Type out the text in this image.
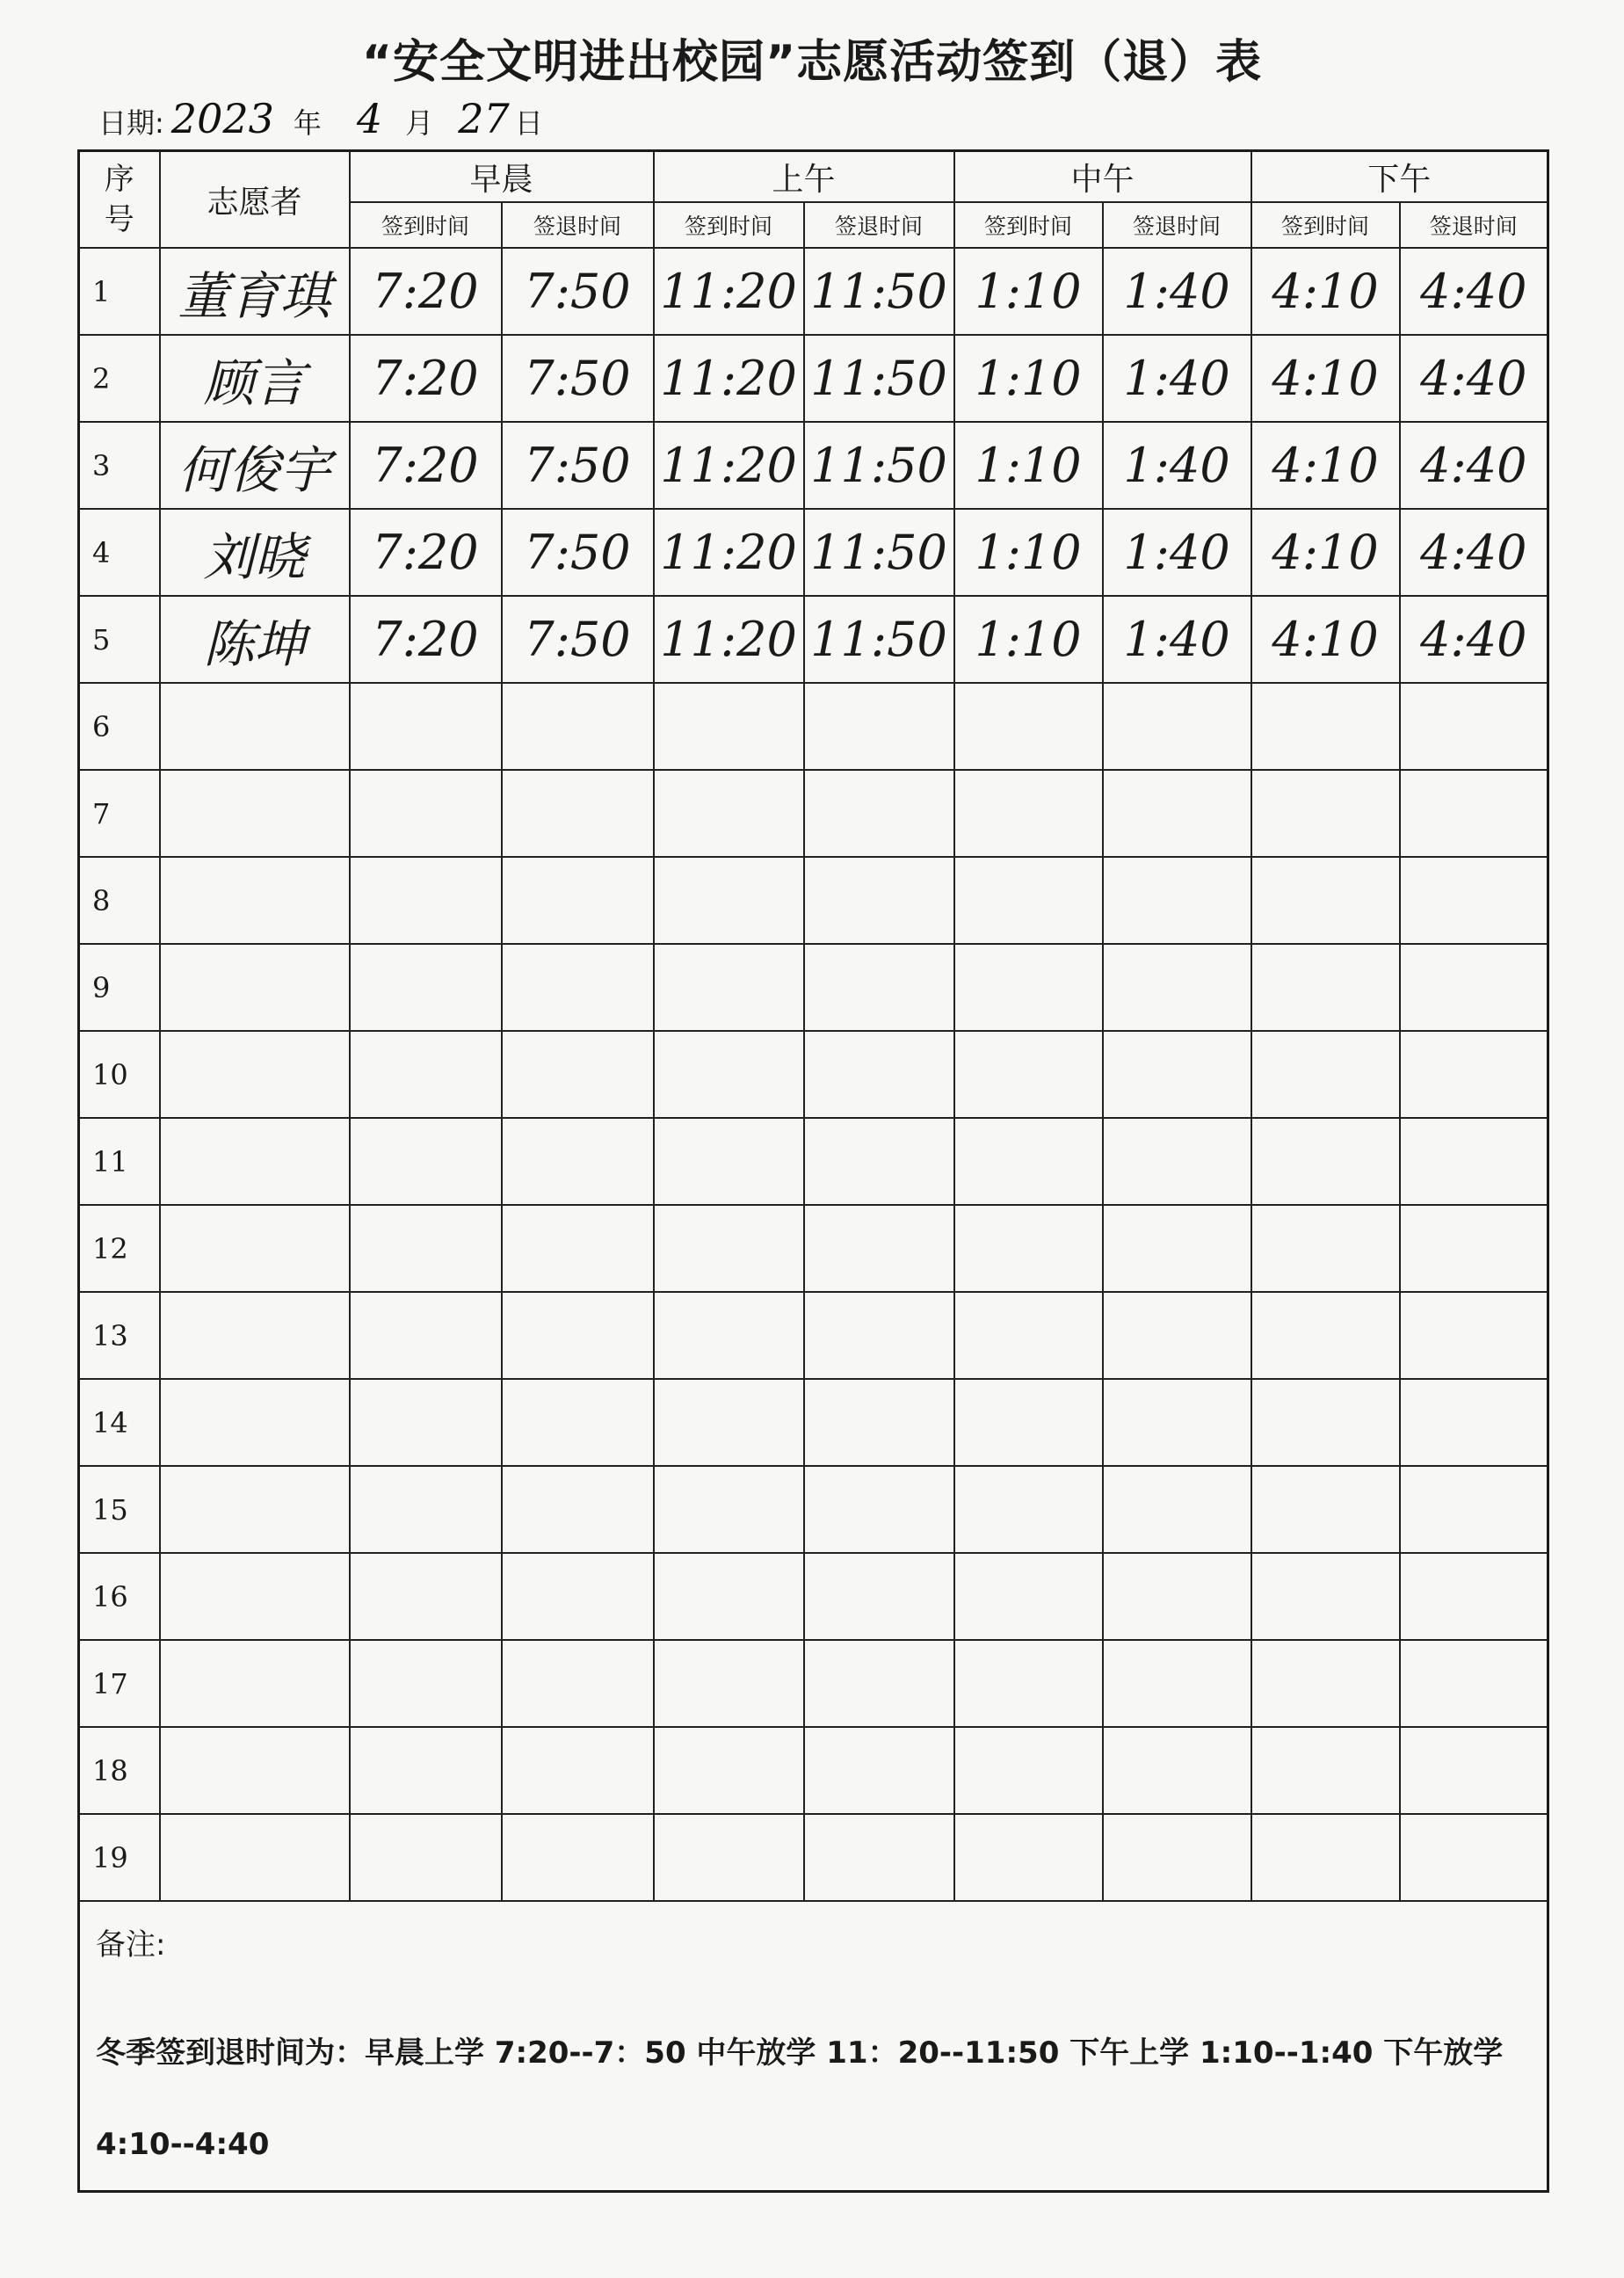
“安全文明进出校园”志愿活动签到（退）表
日期: 2023 年 4 月 27 日
序号	志愿者	早晨		上午		中午		下午	
		签到时间	签退时间	签到时间	签退时间	签到时间	签退时间	签到时间	签退时间
1	董育琪	7:20	7:50	11:20	11:50	1:10	1:40	4:10	4:40
2	顾言	7:20	7:50	11:20	11:50	1:10	1:40	4:10	4:40
3	何俊宇	7:20	7:50	11:20	11:50	1:10	1:40	4:10	4:40
4	刘晓	7:20	7:50	11:20	11:50	1:10	1:40	4:10	4:40
5	陈坤	7:20	7:50	11:20	11:50	1:10	1:40	4:10	4:40
6									
7									
8									
9									
10									
11									
12									
13									
14									
15									
16									
17									
18									
19									

备注:
冬季签到退时间为：早晨上学 7:20--7：50 中午放学 11：20--11:50 下午上学 1:10--1:40 下午放学 4:10--4:40									
